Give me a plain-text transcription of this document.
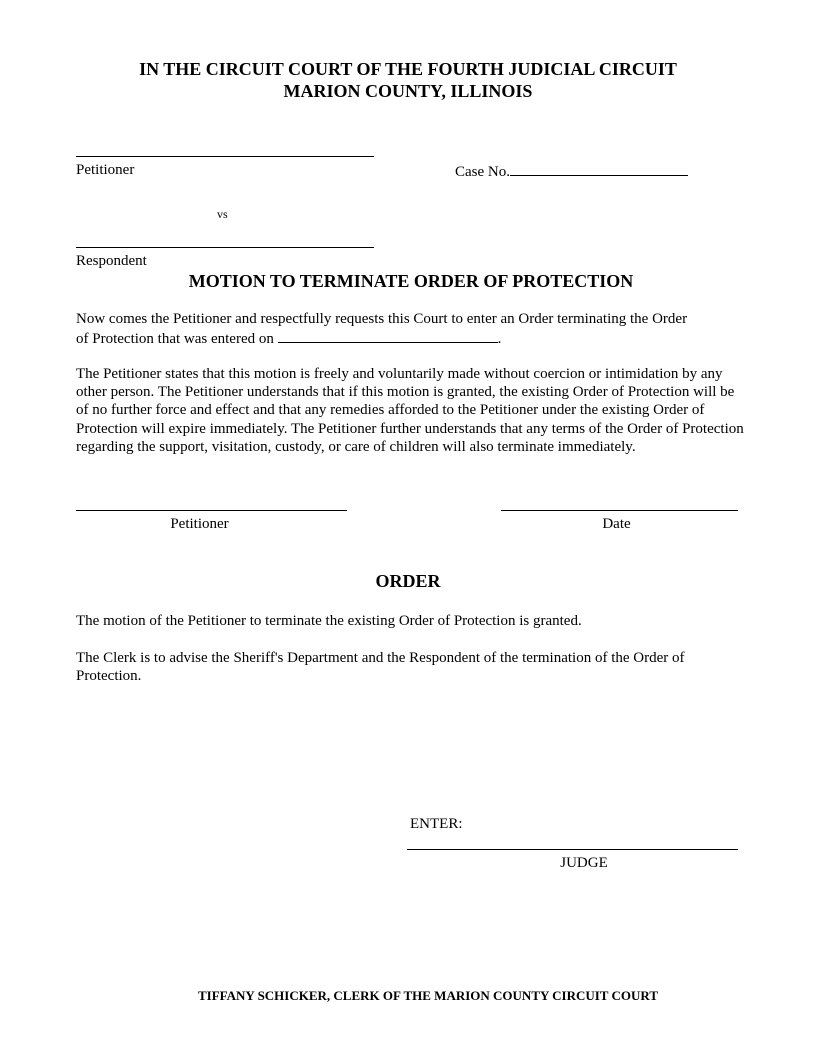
IN THE CIRCUIT COURT OF THE FOURTH JUDICIAL CIRCUIT
MARION COUNTY, ILLINOIS
Petitioner	Case No.
vs
Respondent
MOTION TO TERMINATE ORDER OF PROTECTION
Now comes the Petitioner and respectfully requests this Court to enter an Order terminating the Order
of Protection that was entered on	.
The Petitioner states that this motion is freely and voluntarily made without coercion or intimidation by any other person. The Petitioner understands that if this motion is granted, the existing Order of Protection will be of no further force and effect and that any remedies afforded to the Petitioner under the existing Order of Protection will expire immediately. The Petitioner further understands that any terms of the Order of Protection regarding the support, visitation, custody, or care of children will also terminate immediately.
Petitioner	Date
ORDER
The motion of the Petitioner to terminate the existing Order of Protection is granted.
The Clerk is to advise the Sheriff's Department and the Respondent of the termination of the Order of Protection.
ENTER:
JUDGE
TIFFANY SCHICKER, CLERK OF THE MARION COUNTY CIRCUIT COURT
